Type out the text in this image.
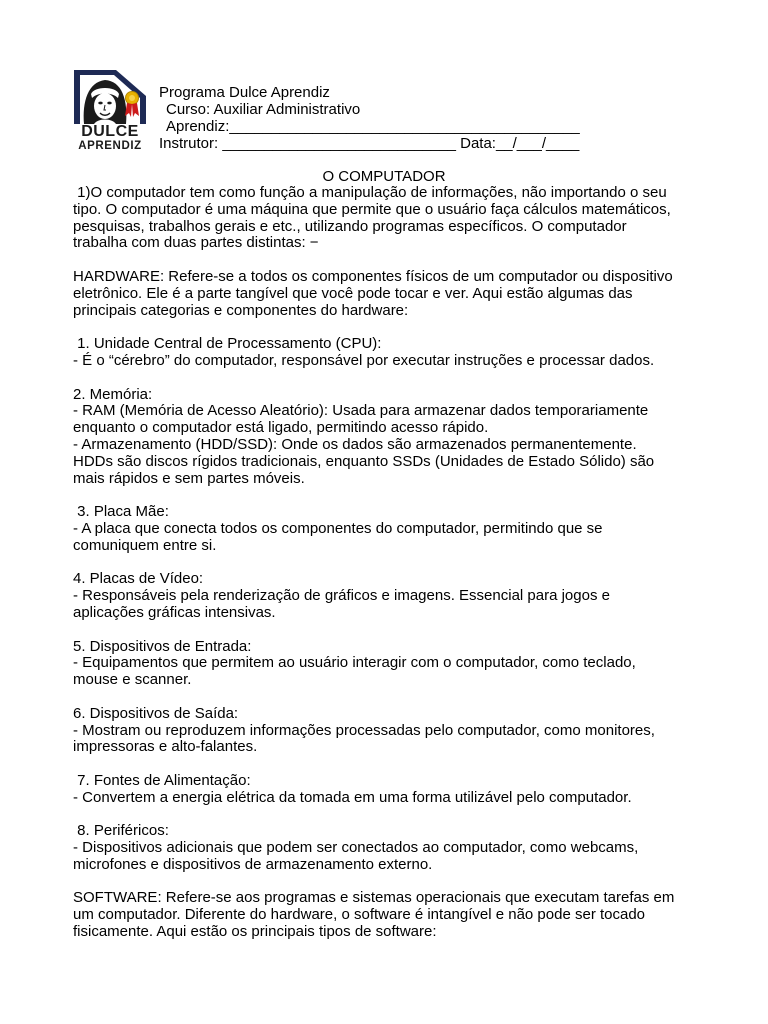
DULCE
APRENDIZ
Programa Dulce Aprendiz
Curso: Auxiliar Administrativo
Aprendiz:__________________________________________
Instrutor: ____________________________ Data:__/___/____
O COMPUTADOR
1)O computador tem como função a manipulação de informações, não importando o seu
tipo. O computador é uma máquina que permite que o usuário faça cálculos matemáticos,
pesquisas, trabalhos gerais e etc., utilizando programas específicos. O computador
trabalha com duas partes distintas: −
HARDWARE: Refere-se a todos os componentes físicos de um computador ou dispositivo
eletrônico. Ele é a parte tangível que você pode tocar e ver. Aqui estão algumas das
principais categorias e componentes do hardware:
1. Unidade Central de Processamento (CPU):
- É o “cérebro” do computador, responsável por executar instruções e processar dados.
2. Memória:
- RAM (Memória de Acesso Aleatório): Usada para armazenar dados temporariamente
enquanto o computador está ligado, permitindo acesso rápido.
- Armazenamento (HDD/SSD): Onde os dados são armazenados permanentemente.
HDDs são discos rígidos tradicionais, enquanto SSDs (Unidades de Estado Sólido) são
mais rápidos e sem partes móveis.
3. Placa Mãe:
- A placa que conecta todos os componentes do computador, permitindo que se
comuniquem entre si.
4. Placas de Vídeo:
- Responsáveis pela renderização de gráficos e imagens. Essencial para jogos e
aplicações gráficas intensivas.
5. Dispositivos de Entrada:
- Equipamentos que permitem ao usuário interagir com o computador, como teclado,
mouse e scanner.
6. Dispositivos de Saída:
- Mostram ou reproduzem informações processadas pelo computador, como monitores,
impressoras e alto-falantes.
7. Fontes de Alimentação:
- Convertem a energia elétrica da tomada em uma forma utilizável pelo computador.
8. Periféricos:
- Dispositivos adicionais que podem ser conectados ao computador, como webcams,
microfones e dispositivos de armazenamento externo.
SOFTWARE: Refere-se aos programas e sistemas operacionais que executam tarefas em
um computador. Diferente do hardware, o software é intangível e não pode ser tocado
fisicamente. Aqui estão os principais tipos de software:
